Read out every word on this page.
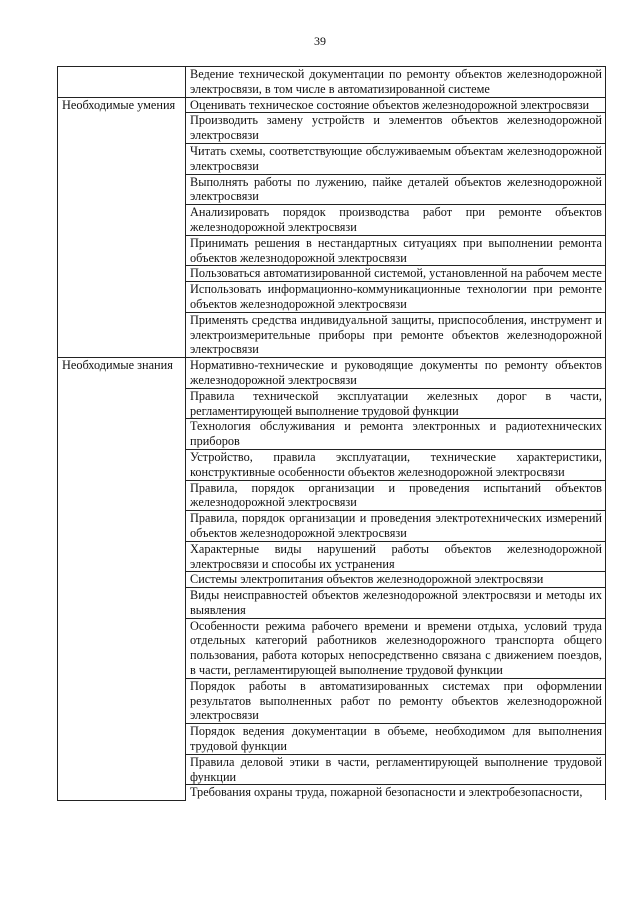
39
	Ведение технической документации по ремонту объектов железнодорожной электросвязи, в том числе в автоматизированной системе
Необходимые умения	Оценивать техническое состояние объектов железнодорожной электросвязи
	Производить замену устройств и элементов объектов железнодорожной электросвязи
	Читать схемы, соответствующие обслуживаемым объектам железнодорожной электросвязи
	Выполнять работы по лужению, пайке деталей объектов железнодорожной электросвязи
	Анализировать порядок производства работ при ремонте объектов железнодорожной электросвязи
	Принимать решения в нестандартных ситуациях при выполнении ремонта объектов железнодорожной электросвязи
	Пользоваться автоматизированной системой, установленной на рабочем месте
	Использовать информационно-коммуникационные технологии при ремонте объектов железнодорожной электросвязи
	Применять средства индивидуальной защиты, приспособления, инструмент и электроизмерительные приборы при ремонте объектов железнодорожной электросвязи
Необходимые знания	Нормативно-технические и руководящие документы по ремонту объектов железнодорожной электросвязи
	Правила технической эксплуатации железных дорог в части, регламентирующей выполнение трудовой функции
	Технология обслуживания и ремонта электронных и радиотехнических приборов
	Устройство, правила эксплуатации, технические характеристики, конструктивные особенности объектов железнодорожной электросвязи
	Правила, порядок организации и проведения испытаний объектов железнодорожной электросвязи
	Правила, порядок организации и проведения электротехнических измерений объектов железнодорожной электросвязи
	Характерные виды нарушений работы объектов железнодорожной электросвязи и способы их устранения
	Системы электропитания объектов железнодорожной электросвязи
	Виды неисправностей объектов железнодорожной электросвязи и методы их выявления
	Особенности режима рабочего времени и времени отдыха, условий труда отдельных категорий работников железнодорожного транспорта общего пользования, работа которых непосредственно связана с движением поездов, в части, регламентирующей выполнение трудовой функции
	Порядок работы в автоматизированных системах при оформлении результатов выполненных работ по ремонту объектов железнодорожной электросвязи
	Порядок ведения документации в объеме, необходимом для выполнения трудовой функции
	Правила деловой этики в части, регламентирующей выполнение трудовой функции
	Требования охраны труда, пожарной безопасности и электробезопасности,
